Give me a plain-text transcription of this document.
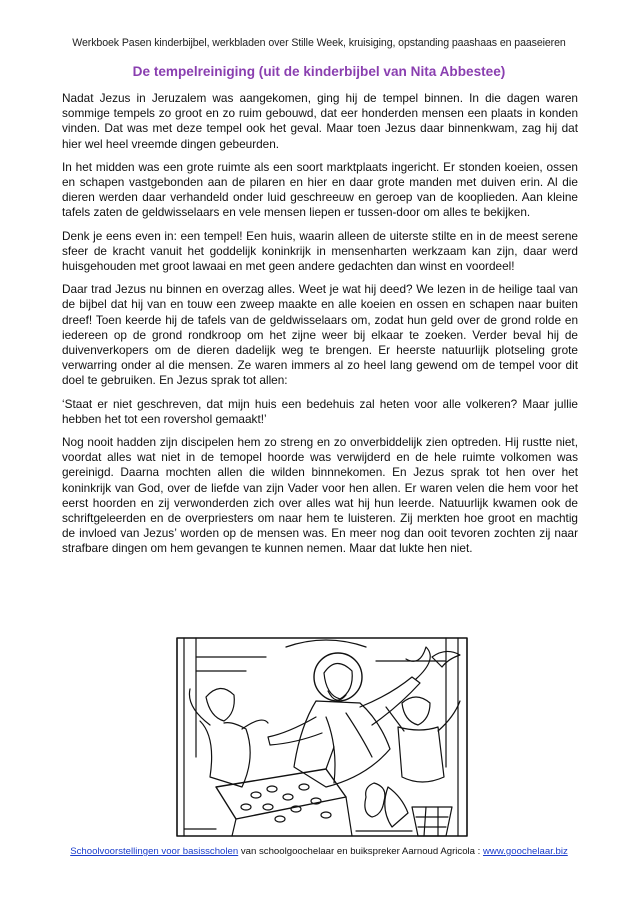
Werkboek Pasen kinderbijbel, werkbladen over Stille Week, kruisiging, opstanding paashaas en paaseieren
De tempelreiniging (uit de kinderbijbel van Nita Abbestee)

Nadat Jezus in Jeruzalem was aangekomen, ging hij de tempel binnen. In die dagen waren sommige tempels zo groot en zo ruim gebouwd, dat eer honderden mensen een plaats in konden vinden. Dat was met deze tempel ook het geval. Maar toen Jezus daar binnenkwam, zag hij dat hier wel heel vreemde dingen gebeurden.

In het midden was een grote ruimte als een soort marktplaats ingericht. Er stonden koeien, ossen en schapen vastgebonden aan de pilaren en hier en daar grote manden met duiven erin. Al die dieren werden daar verhandeld onder luid geschreeuw en geroep van de kooplieden. Aan kleine tafels zaten de geldwisselaars en vele mensen liepen er tussen-door om alles te bekijken.

Denk je eens even in: een tempel! Een huis, waarin alleen de uiterste stilte en in de meest serene sfeer de kracht vanuit het goddelijk koninkrijk in mensenharten werkzaam kan zijn, daar werd huisgehouden met groot lawaai en met geen andere gedachten dan winst en voordeel!

Daar trad Jezus nu binnen en overzag alles. Weet je wat hij deed? We lezen in de heilige taal van de bijbel dat hij van en touw een zweep maakte en alle koeien en ossen en schapen naar buiten dreef! Toen keerde hij de tafels van de geldwisselaars om, zodat hun geld over de grond rolde en iedereen op de grond rondkroop om het zijne weer bij elkaar te zoeken. Verder beval hij de duivenverkopers om de dieren dadelijk weg te brengen. Er heerste natuurlijk plotseling grote verwarring onder al die mensen. Ze waren immers al zo heel lang gewend om de tempel voor dit doel te gebruiken. En Jezus sprak tot allen:

‘Staat er niet geschreven, dat mijn huis een bedehuis zal heten voor alle volkeren? Maar jullie hebben het tot een rovershol gemaakt!’

Nog nooit hadden zijn discipelen hem zo streng en zo onverbiddelijk zien optreden. Hij rustte niet, voordat alles wat niet in de temopel hoorde was verwijderd en de hele ruimte volkomen was gereinigd. Daarna mochten allen die wilden binnnekomen. En Jezus sprak tot hen over het koninkrijk van God, over de liefde van zijn Vader voor hen allen. Er waren velen die hem voor het eerst hoorden en zij verwonderden zich over alles wat hij hun leerde. Natuurlijk kwamen ook de schriftgeleerden en de overpriesters om naar hem te luisteren. Zij merkten hoe groot en machtig de invloed van Jezus’ worden op de mensen was. En meer nog dan ooit tevoren zochten zij naar strafbare dingen om hem gevangen te kunnen nemen. Maar dat lukte hen niet.

Schoolvoorstellingen voor basisscholen van schoolgoochelaar en buikspreker Aarnoud Agricola : www.goochelaar.biz
